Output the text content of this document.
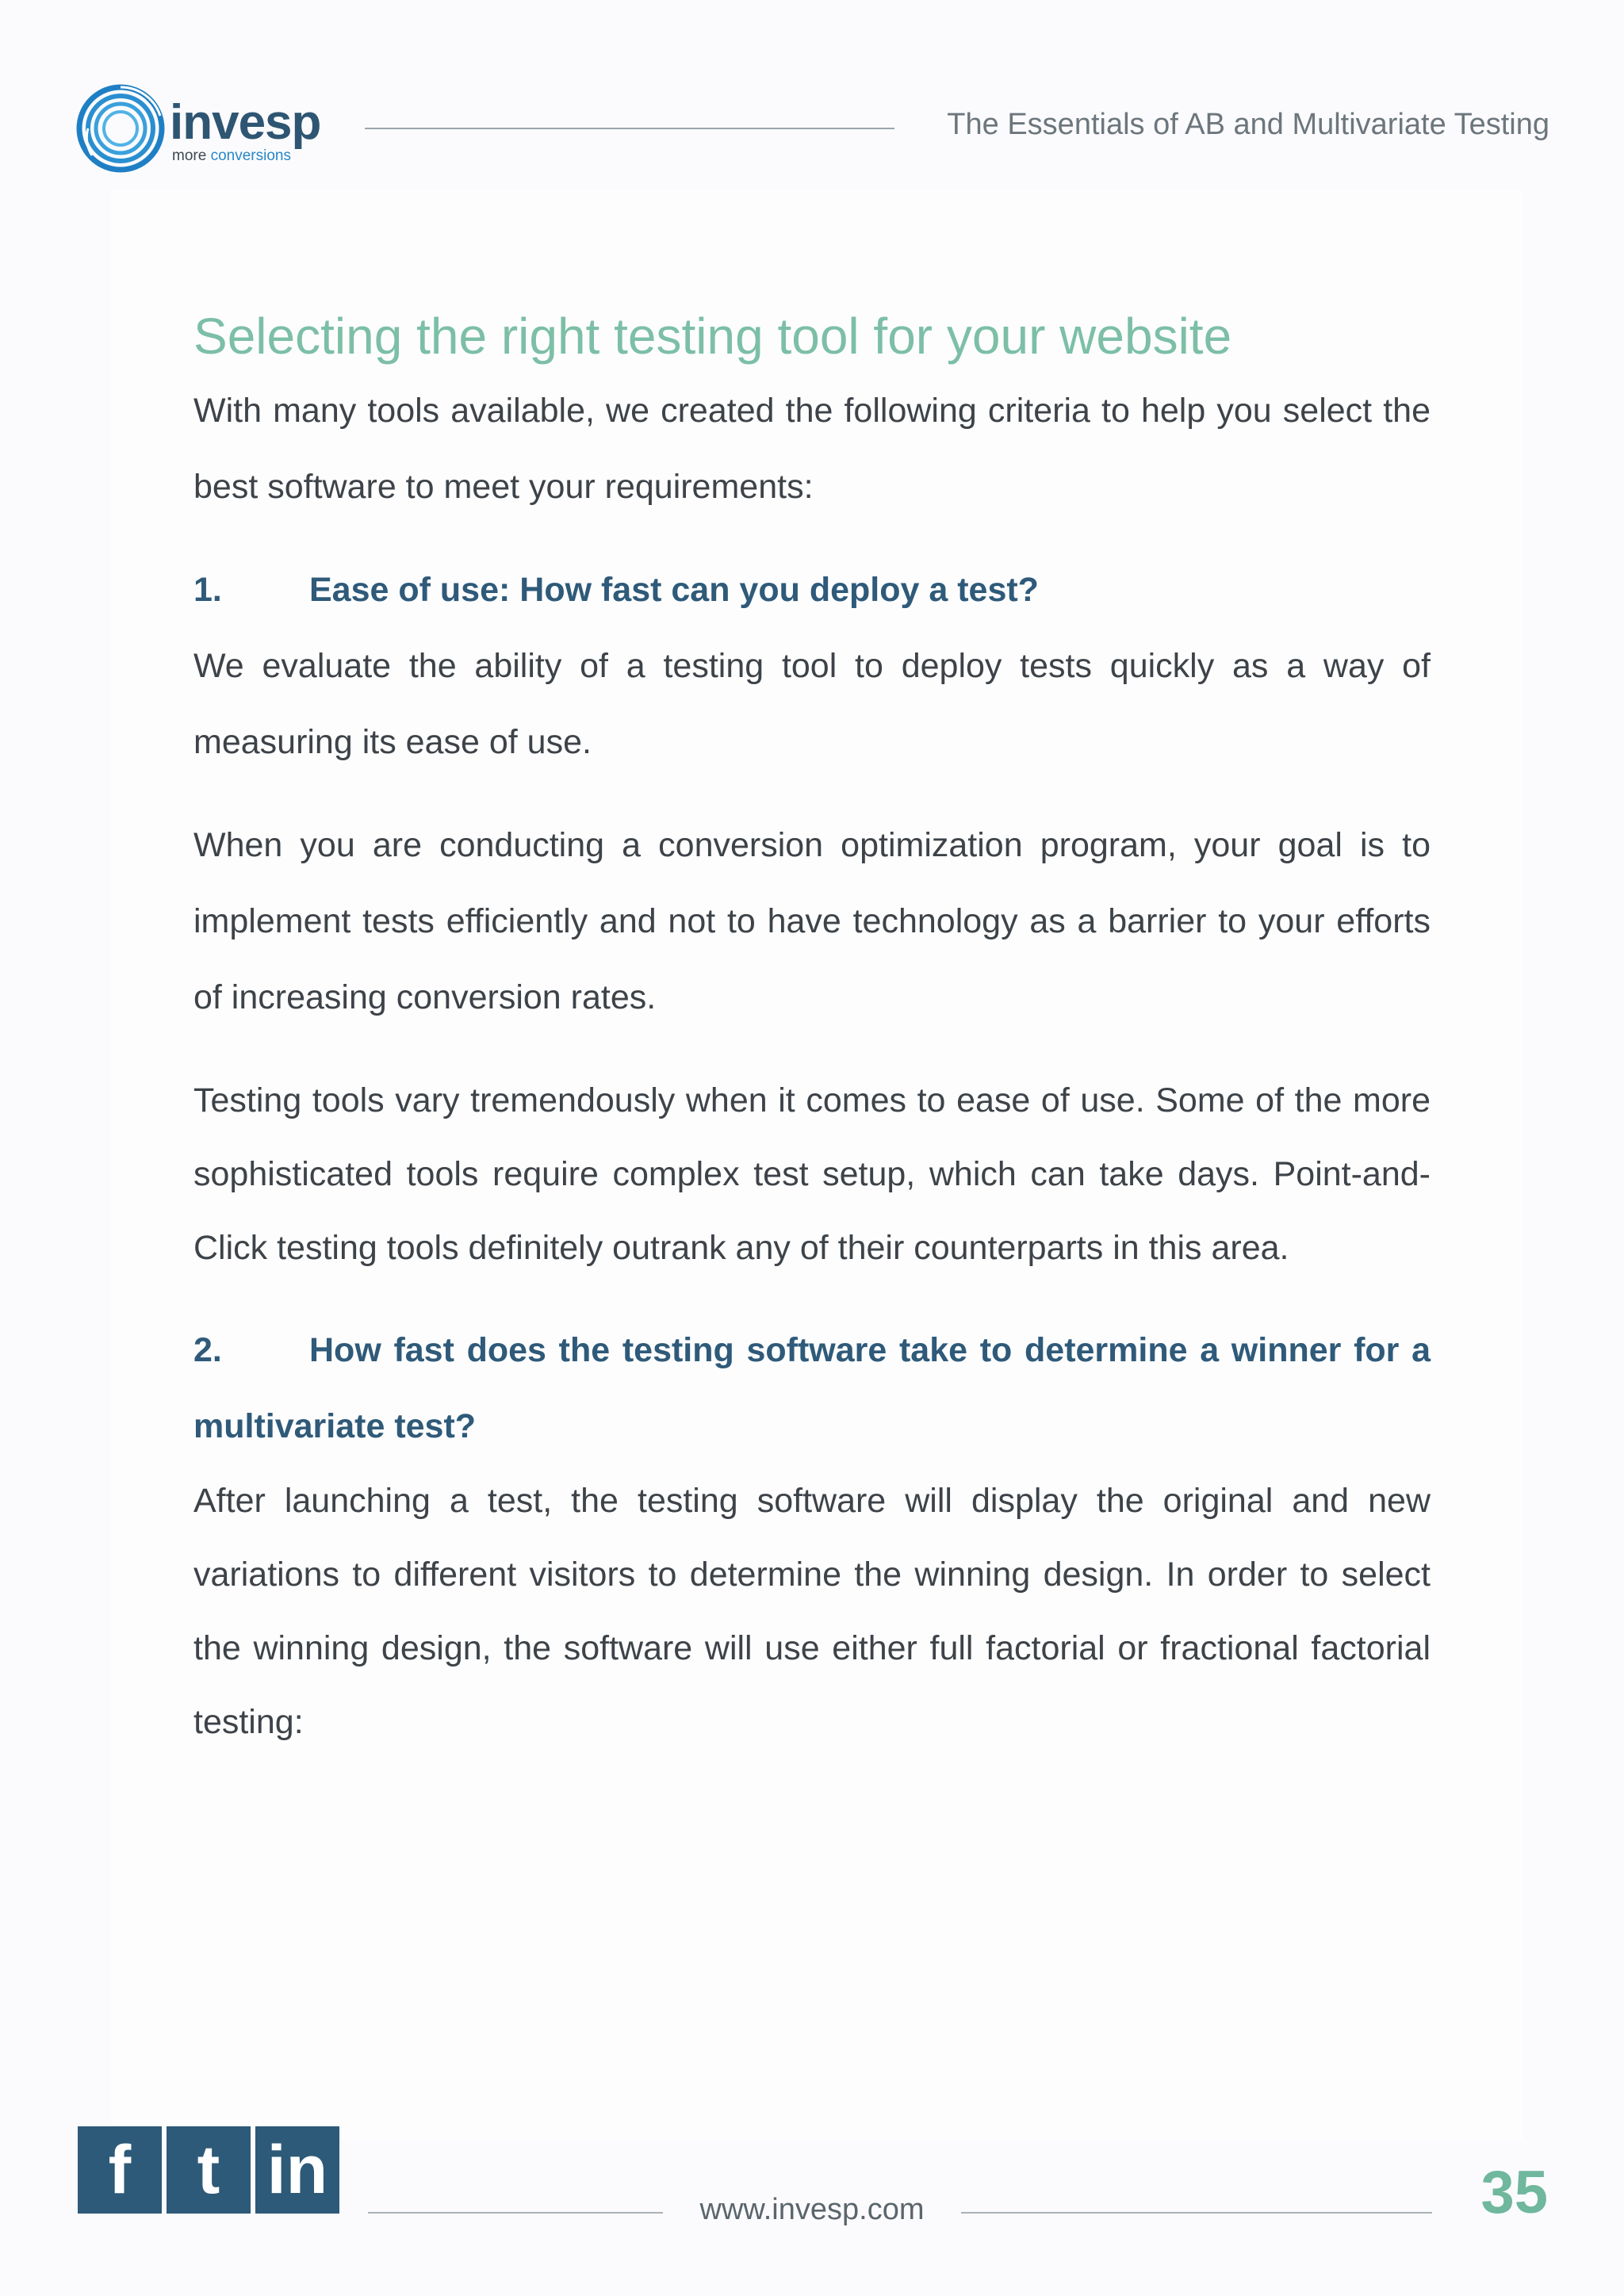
invesp
more conversions
The Essentials of AB and Multivariate Testing
Selecting the right testing tool for your website

With many tools available, we created the following criteria to help you select the best software to meet your requirements:

1.	Ease of use: How fast can you deploy a test?

We evaluate the ability of a testing tool to deploy tests quickly as a way of measuring its ease of use.

When you are conducting a conversion optimization program, your goal is to implement tests efficiently and not to have technology as a barrier to your efforts of increasing conversion rates.

Testing tools vary tremendously when it comes to ease of use. Some of the more sophisticated tools require complex test setup, which can take days. Point-and-Click testing tools definitely outrank any of their counterparts in this area.

2.	How fast does the testing software take to determine a winner for a multivariate test?

After launching a test, the testing software will display the original and new variations to different visitors to determine the winning design. In order to select the winning design, the software will use either full factorial or fractional factorial testing:

f t in
www.invesp.com	35
